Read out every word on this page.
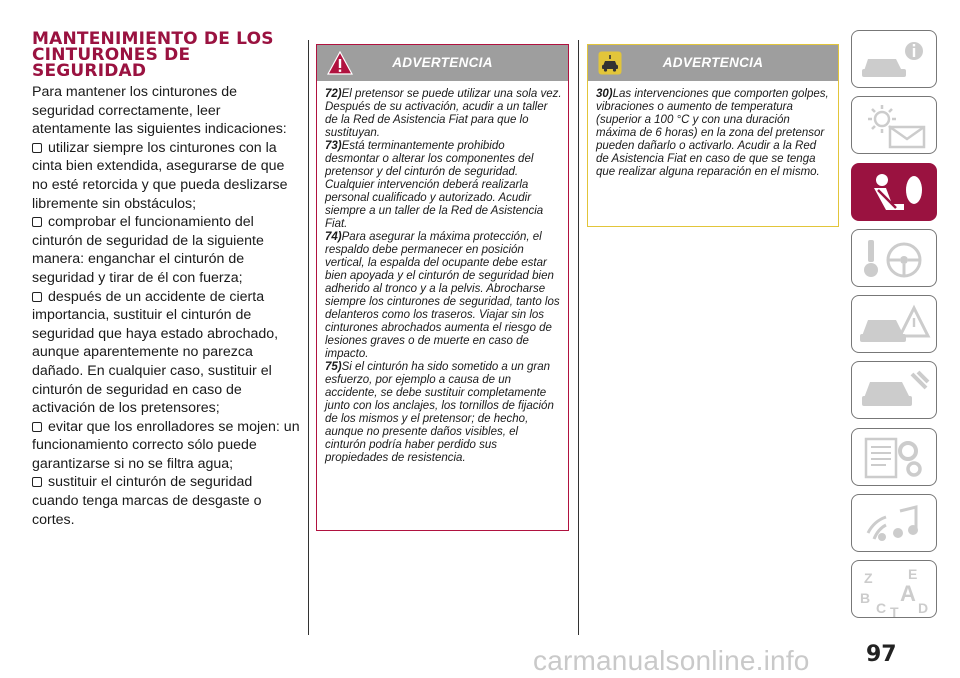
MANTENIMIENTO DE LOS CINTURONES DE SEGURIDAD

Para mantener los cinturones de seguridad correctamente, leer atentamente las siguientes indicaciones:

utilizar siempre los cinturones con la cinta bien extendida, asegurarse de que no esté retorcida y que pueda deslizarse libremente sin obstáculos;

comprobar el funcionamiento del cinturón de seguridad de la siguiente manera: enganchar el cinturón de seguridad y tirar de él con fuerza;

después de un accidente de cierta importancia, sustituir el cinturón de seguridad que haya estado abrochado, aunque aparentemente no parezca dañado. En cualquier caso, sustituir el cinturón de seguridad en caso de activación de los pretensores;

evitar que los enrolladores se mojen: un funcionamiento correcto sólo puede garantizarse si no se filtra agua;

sustituir el cinturón de seguridad cuando tenga marcas de desgaste o cortes.

ADVERTENCIA

72)El pretensor se puede utilizar una sola vez. Después de su activación, acudir a un taller de la Red de Asistencia Fiat para que lo sustituyan.

73)Está terminantemente prohibido desmontar o alterar los componentes del pretensor y del cinturón de seguridad. Cualquier intervención deberá realizarla personal cualificado y autorizado. Acudir siempre a un taller de la Red de Asistencia Fiat.

74)Para asegurar la máxima protección, el respaldo debe permanecer en posición vertical, la espalda del ocupante debe estar bien apoyada y el cinturón de seguridad bien adherido al tronco y a la pelvis. Abrocharse siempre los cinturones de seguridad, tanto los delanteros como los traseros. Viajar sin los cinturones abrochados aumenta el riesgo de lesiones graves o de muerte en caso de impacto.

75)Si el cinturón ha sido sometido a un gran esfuerzo, por ejemplo a causa de un accidente, se debe sustituir completamente junto con los anclajes, los tornillos de fijación de los mismos y el pretensor; de hecho, aunque no presente daños visibles, el cinturón podría haber perdido sus propiedades de resistencia.

ADVERTENCIA

30)Las intervenciones que comporten golpes, vibraciones o aumento de temperatura (superior a 100 °C y con una duración máxima de 6 horas) en la zona del pretensor pueden dañarlo o activarlo. Acudir a la Red de Asistencia Fiat en caso de que se tenga que realizar alguna reparación en el mismo.

Z	E
B A
C D
T
97
carmanualsonline.info
